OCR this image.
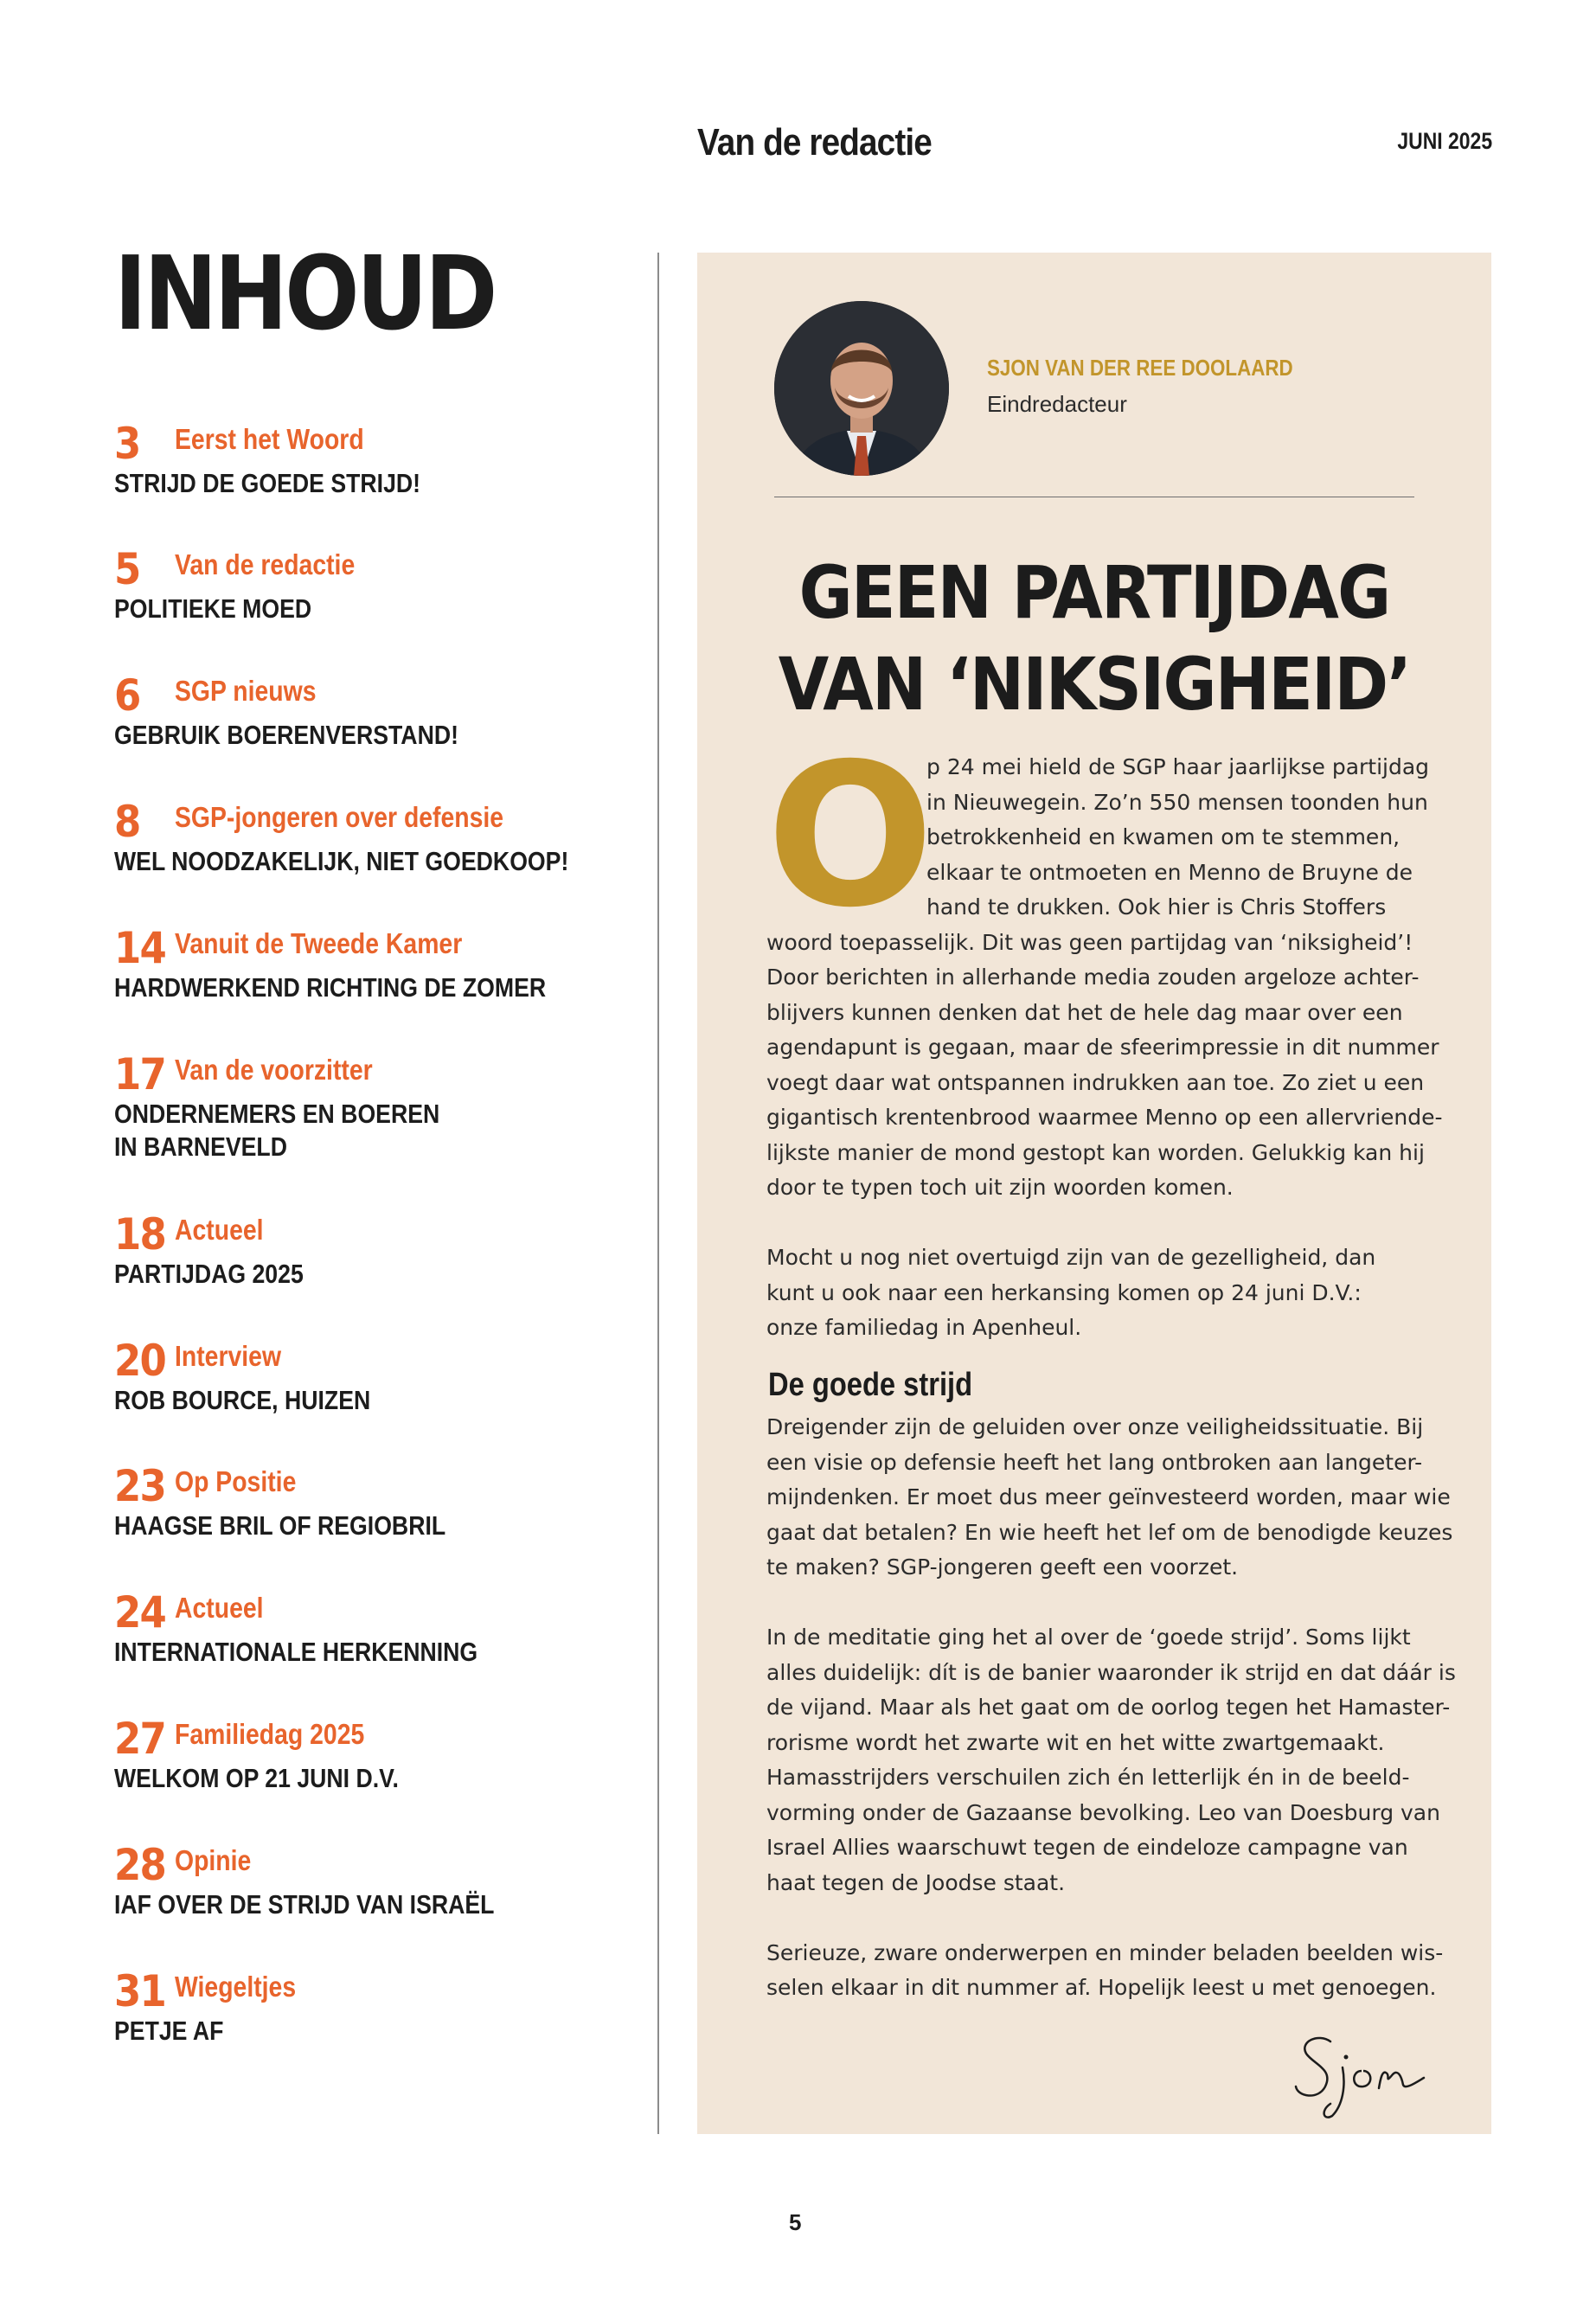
Van de redactie	JUNI 2025
INHOUD
3 Eerst het Woord
STRIJD DE GOEDE STRIJD!
5 Van de redactie
POLITIEKE MOED
6 SGP nieuws
GEBRUIK BOERENVERSTAND!
8 SGP-jongeren over defensie
WEL NOODZAKELIJK, NIET GOEDKOOP!
14 Vanuit de Tweede Kamer
HARDWERKEND RICHTING DE ZOMER
17 Van de voorzitter
ONDERNEMERS EN BOEREN
IN BARNEVELD
18 Actueel
PARTIJDAG 2025
20 Interview
ROB BOURCE, HUIZEN
23 Op Positie
HAAGSE BRIL OF REGIOBRIL
24 Actueel
INTERNATIONALE HERKENNING
27 Familiedag 2025
WELKOM OP 21 JUNI D.V.
28 Opinie
IAF OVER DE STRIJD VAN ISRAËL
31 Wiegeltjes
PETJE AF
SJON VAN DER REE DOOLAARD
Eindredacteur
GEEN PARTIJDAG
VAN ‘NIKSIGHEID’
O
p 24 mei hield de SGP haar jaarlijkse partijdag
in Nieuwegein. Zo’n 550 mensen toonden hun
betrokkenheid en kwamen om te stemmen,
elkaar te ontmoeten en Menno de Bruyne de
hand te drukken. Ook hier is Chris Stoffers
woord toepasselijk. Dit was geen partijdag van ‘niksigheid’!
Door berichten in allerhande media zouden argeloze achter-
blijvers kunnen denken dat het de hele dag maar over een
agendapunt is gegaan, maar de sfeerimpressie in dit nummer
voegt daar wat ontspannen indrukken aan toe. Zo ziet u een
gigantisch krentenbrood waarmee Menno op een allervriende-
lijkste manier de mond gestopt kan worden. Gelukkig kan hij
door te typen toch uit zijn woorden komen.
Mocht u nog niet overtuigd zijn van de gezelligheid, dan
kunt u ook naar een herkansing komen op 24 juni D.V.:
onze familiedag in Apenheul.
De goede strijd
Dreigender zijn de geluiden over onze veiligheidssituatie. Bij
een visie op defensie heeft het lang ontbroken aan langeter-
mijndenken. Er moet dus meer geïnvesteerd worden, maar wie
gaat dat betalen? En wie heeft het lef om de benodigde keuzes
te maken? SGP-jongeren geeft een voorzet.
In de meditatie ging het al over de ‘goede strijd’. Soms lijkt
alles duidelijk: dít is de banier waaronder ik strijd en dat dáár is
de vijand. Maar als het gaat om de oorlog tegen het Hamaster-
rorisme wordt het zwarte wit en het witte zwartgemaakt.
Hamasstrijders verschuilen zich én letterlijk én in de beeld-
vorming onder de Gazaanse bevolking. Leo van Doesburg van
Israel Allies waarschuwt tegen de eindeloze campagne van
haat tegen de Joodse staat.
Serieuze, zware onderwerpen en minder beladen beelden wis-
selen elkaar in dit nummer af. Hopelijk leest u met genoegen.
5
